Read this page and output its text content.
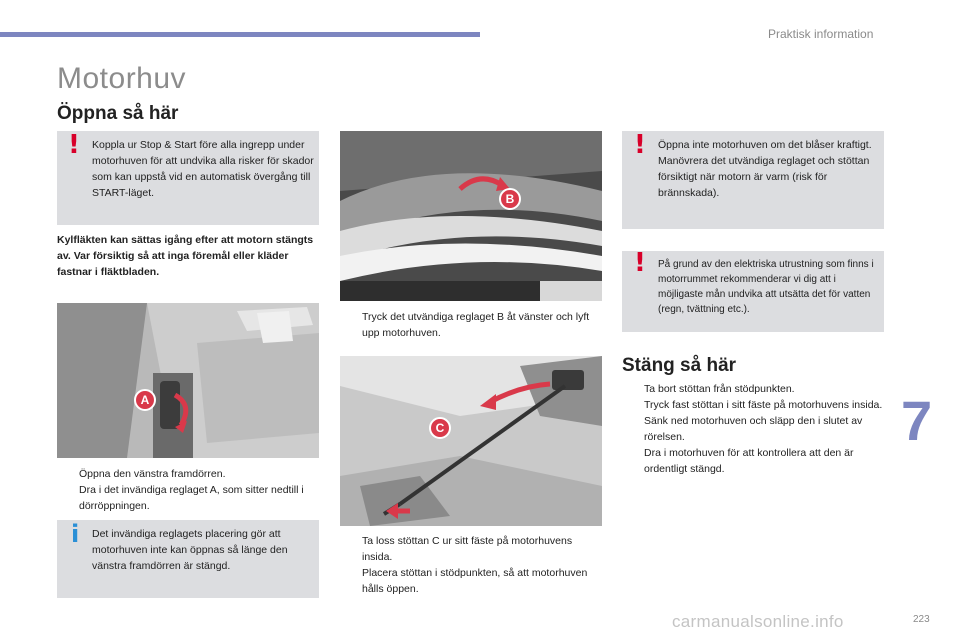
Praktisk information
Motorhuv
Öppna så här
! Koppla ur Stop & Start före alla ingrepp under motorhuven för att undvika alla risker för skador som kan uppstå vid en automatisk övergång till START-läget.
Kylfläkten kan sättas igång efter att motorn stängts av. Var försiktig så att inga föremål eller kläder fastnar i fläktbladen.
A
Öppna den vänstra framdörren.
Dra i det invändiga reglaget A, som sitter nedtill i dörröppningen.
i Det invändiga reglagets placering gör att motorhuven inte kan öppnas så länge den vänstra framdörren är stängd.
B
Tryck det utvändiga reglaget B åt vänster och lyft upp motorhuven.
C
Ta loss stöttan C ur sitt fäste på motorhuvens insida.
Placera stöttan i stödpunkten, så att motorhuven hålls öppen.
! Öppna inte motorhuven om det blåser kraftigt.
Manövrera det utvändiga reglaget och stöttan försiktigt när motorn är varm (risk för brännskada).
! På grund av den elektriska utrustning som finns i motorrummet rekommenderar vi dig att i möjligaste mån undvika att utsätta det för vatten (regn, tvättning etc.).
Stäng så här
Ta bort stöttan från stödpunkten.
Tryck fast stöttan i sitt fäste på motorhuvens insida.
Sänk ned motorhuven och släpp den i slutet av rörelsen.
Dra i motorhuven för att kontrollera att den är ordentligt stängd.
7
carmanualsonline.info	223
